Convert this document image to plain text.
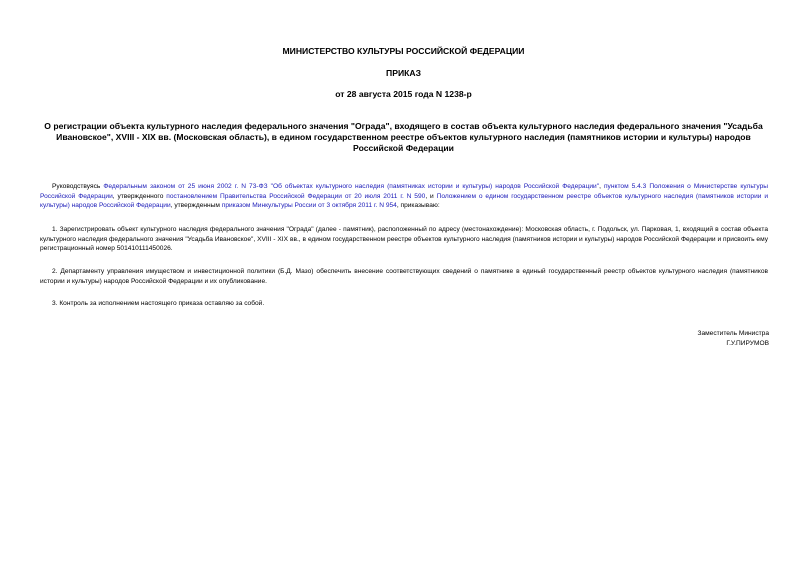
МИНИСТЕРСТВО КУЛЬТУРЫ РОССИЙСКОЙ ФЕДЕРАЦИИ
ПРИКАЗ
от 28 августа 2015 года N 1238-р
О регистрации объекта культурного наследия федерального значения "Ограда", входящего в состав объекта культурного наследия федерального значения "Усадьба Ивановское", XVIII - XIX вв. (Московская область), в едином государственном реестре объектов культурного наследия (памятников истории и культуры) народов Российской Федерации

Руководствуясь Федеральным законом от 25 июня 2002 г. N 73-ФЗ "Об объектах культурного наследия (памятниках истории и культуры) народов Российской Федерации", пунктом 5.4.3 Положения о Министерстве культуры Российской Федерации, утвержденного постановлением Правительства Российской Федерации от 20 июля 2011 г. N 590, и Положением о едином государственном реестре объектов культурного наследия (памятников истории и культуры) народов Российской Федерации, утвержденным приказом Минкультуры России от 3 октября 2011 г. N 954, приказываю:

1. Зарегистрировать объект культурного наследия федерального значения "Ограда" (далее - памятник), расположенный по адресу (местонахождение): Московская область, г. Подольск, ул. Парковая, 1, входящий в состав объекта культурного наследия федерального значения "Усадьба Ивановское", XVIII - XIX вв., в едином государственном реестре объектов культурного наследия (памятников истории и культуры) народов Российской Федерации и присвоить ему регистрационный номер 501410111450026.

2. Департаменту управления имуществом и инвестиционной политики (Б.Д. Мазо) обеспечить внесение соответствующих сведений о памятнике в единый государственный реестр объектов культурного наследия (памятников истории и культуры) народов Российской Федерации и их опубликование.

3. Контроль за исполнением настоящего приказа оставляю за собой.

Заместитель Министра
Г.У.ПИРУМОВ
